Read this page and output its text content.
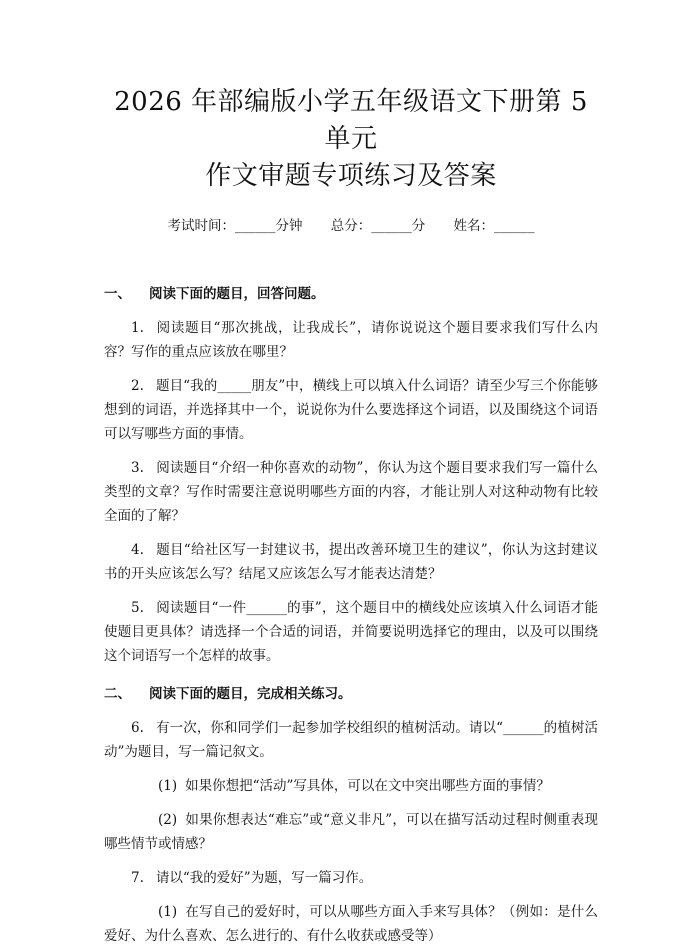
2026 年部编版小学五年级语文下册第 5 单元
作文审题专项练习及答案
考试时间：______分钟 总分：______分 姓名：______
一、 阅读下面的题目，回答问题。

1. 阅读题目“那次挑战，让我成长”，请你说说这个题目要求我们写什么内容？写作的重点应该放在哪里？

2. 题目“我的_____朋友”中，横线上可以填入什么词语？请至少写三个你能够想到的词语，并选择其中一个，说说你为什么要选择这个词语，以及围绕这个词语可以写哪些方面的事情。

3. 阅读题目“介绍一种你喜欢的动物”，你认为这个题目要求我们写一篇什么类型的文章？写作时需要注意说明哪些方面的内容，才能让别人对这种动物有比较全面的了解？

4. 题目“给社区写一封建议书，提出改善环境卫生的建议”，你认为这封建议书的开头应该怎么写？结尾又应该怎么写才能表达清楚？

5. 阅读题目“一件______的事”，这个题目中的横线处应该填入什么词语才能使题目更具体？请选择一个合适的词语，并简要说明选择它的理由，以及可以围绕这个词语写一个怎样的故事。

二、 阅读下面的题目，完成相关练习。

6. 有一次，你和同学们一起参加学校组织的植树活动。请以“______的植树活动”为题目，写一篇记叙文。

(1) 如果你想把“活动”写具体，可以在文中突出哪些方面的事情？

(2) 如果你想表达“难忘”或“意义非凡”，可以在描写活动过程时侧重表现哪些情节或情感？

7. 请以“我的爱好”为题，写一篇习作。

(1) 在写自己的爱好时，可以从哪些方面入手来写具体？（例如：是什么爱好、为什么喜欢、怎么进行的、有什么收获或感受等）
